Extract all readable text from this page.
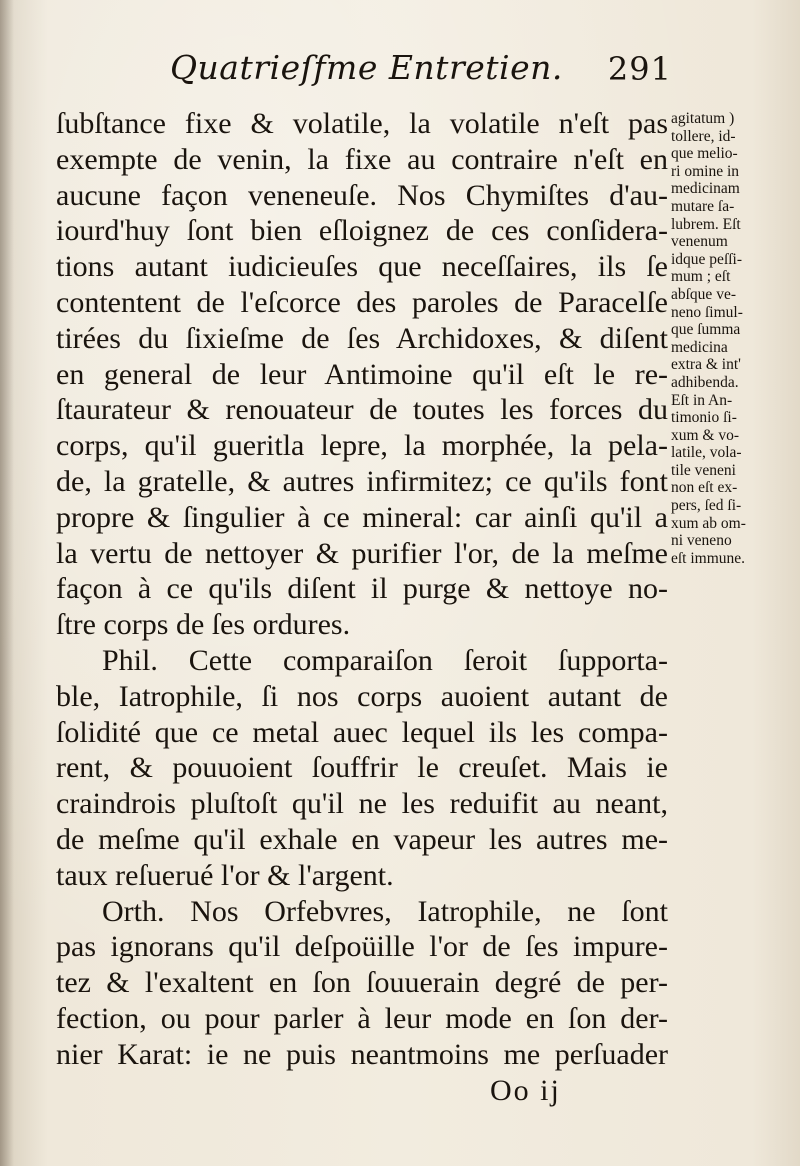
Quatrieſfme Entretien. 291
ſubſtance fixe & volatile, la volatile n'eſt pas
exempte de venin, la fixe au contraire n'eſt en
aucune façon veneneuſe. Nos Chymiſtes d'au-
iourd'huy ſont bien eſloignez de ces conſidera-
tions autant iudicieuſes que neceſſaires, ils ſe
contentent de l'eſcorce des paroles de Paracelſe
tirées du ſixieſme de ſes Archidoxes, & diſent
en general de leur Antimoine qu'il eſt le re-
ſtaurateur & renouateur de toutes les forces du
corps, qu'il gueritla lepre, la morphée, la pela-
de, la gratelle, & autres infirmitez; ce qu'ils font
propre & ſingulier à ce mineral: car ainſi qu'il a
la vertu de nettoyer & purifier l'or, de la meſme
façon à ce qu'ils diſent il purge & nettoye no-
ſtre corps de ſes ordures.
Phil. Cette comparaiſon ſeroit ſupporta-
ble, Iatrophile, ſi nos corps auoient autant de
ſolidité que ce metal auec lequel ils les compa-
rent, & pouuoient ſouffrir le creuſet. Mais ie
craindrois pluſtoſt qu'il ne les reduifit au neant,
de meſme qu'il exhale en vapeur les autres me-
taux reſuerué l'or & l'argent.
Orth. Nos Orfebvres, Iatrophile, ne ſont
pas ignorans qu'il deſpoüille l'or de ſes impure-
tez & l'exaltent en ſon ſouuerain degré de per-
fection, ou pour parler à leur mode en ſon der-
nier Karat: ie ne puis neantmoins me perſuader
agitatum )
tollere, id-
que melio-
ri omine in
medicinam
mutare ſa-
lubrem. Eſt
venenum
idque peſſi-
mum ; eſt
abſque ve-
neno ſimul-
que ſumma
medicina
extra & int'
adhibenda.
Eſt in An-
timonio ſi-
xum & vo-
latile, vola-
tile veneni
non eſt ex-
pers, ſed ſi-
xum ab om-
ni veneno
eſt immune.
Oo ij
